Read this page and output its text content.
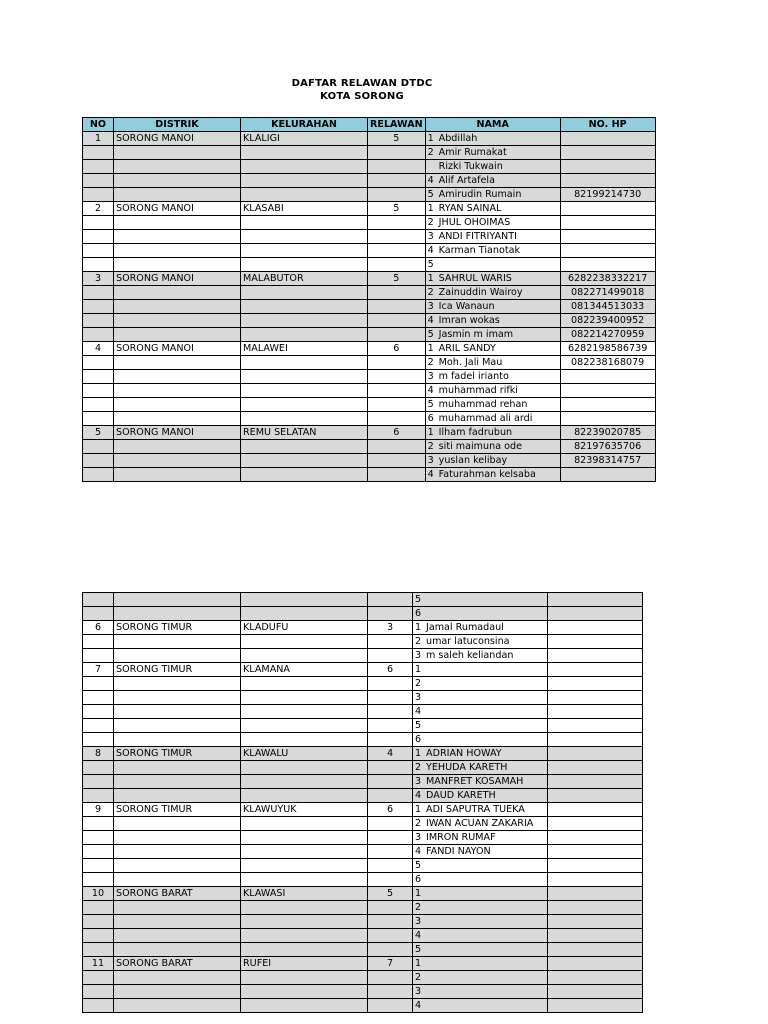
DAFTAR RELAWAN DTDC
KOTA SORONG
NO	DISTRIK	KELURAHAN	RELAWAN	NAMA	NO. HP
1	SORONG MANOI	KLALIGI	5	1 Abdillah	
				2 Amir Rumakat	
				Rizki Tukwain	
				4 Alif Artafela	
				5 Amirudin Rumain	82199214730
2	SORONG MANOI	KLASABI	5	1 RYAN SAINAL	
				2 JHUL OHOIMAS	
				3 ANDI FITRIYANTI	
				4 Karman Tianotak	
				5	
3	SORONG MANOI	MALABUTOR	5	1 SAHRUL WARIS	6282238332217
				2 Zainuddin Wairoy	082271499018
				3 Ica Wanaun	081344513033
				4 Imran wokas	082239400952
				5 Jasmin m imam	082214270959
4	SORONG MANOI	MALAWEI	6	1 ARIL SANDY	6282198586739
				2 Moh. Jali Mau	082238168079
				3 m fadel irianto	
				4 muhammad rifki	
				5 muhammad rehan	
				6 muhammad ali ardi	
5	SORONG MANOI	REMU SELATAN	6	1 Ilham fadrubun	82239020785
				2 siti maimuna ode	82197635706
				3 yuslan kelibay	82398314757
				4 Faturahman kelsaba	
				5	
				6	
6	SORONG TIMUR	KLADUFU	3	1 Jamal Rumadaul	
				2 umar latuconsina	
				3 m saleh keliandan	
7	SORONG TIMUR	KLAMANA	6	1	
				2	
				3	
				4	
				5	
				6	
8	SORONG TIMUR	KLAWALU	4	1 ADRIAN HOWAY	
				2 YEHUDA KARETH	
				3 MANFRET KOSAMAH	
				4 DAUD KARETH	
9	SORONG TIMUR	KLAWUYUK	6	1 ADI SAPUTRA TUEKA	
				2 IWAN ACUAN ZAKARIA	
				3 IMRON RUMAF	
				4 FANDI NAYON	
				5	
				6	
10	SORONG BARAT	KLAWASI	5	1	
				2	
				3	
				4	
				5	
11	SORONG BARAT	RUFEI	7	1	
				2	
				3	
				4	
